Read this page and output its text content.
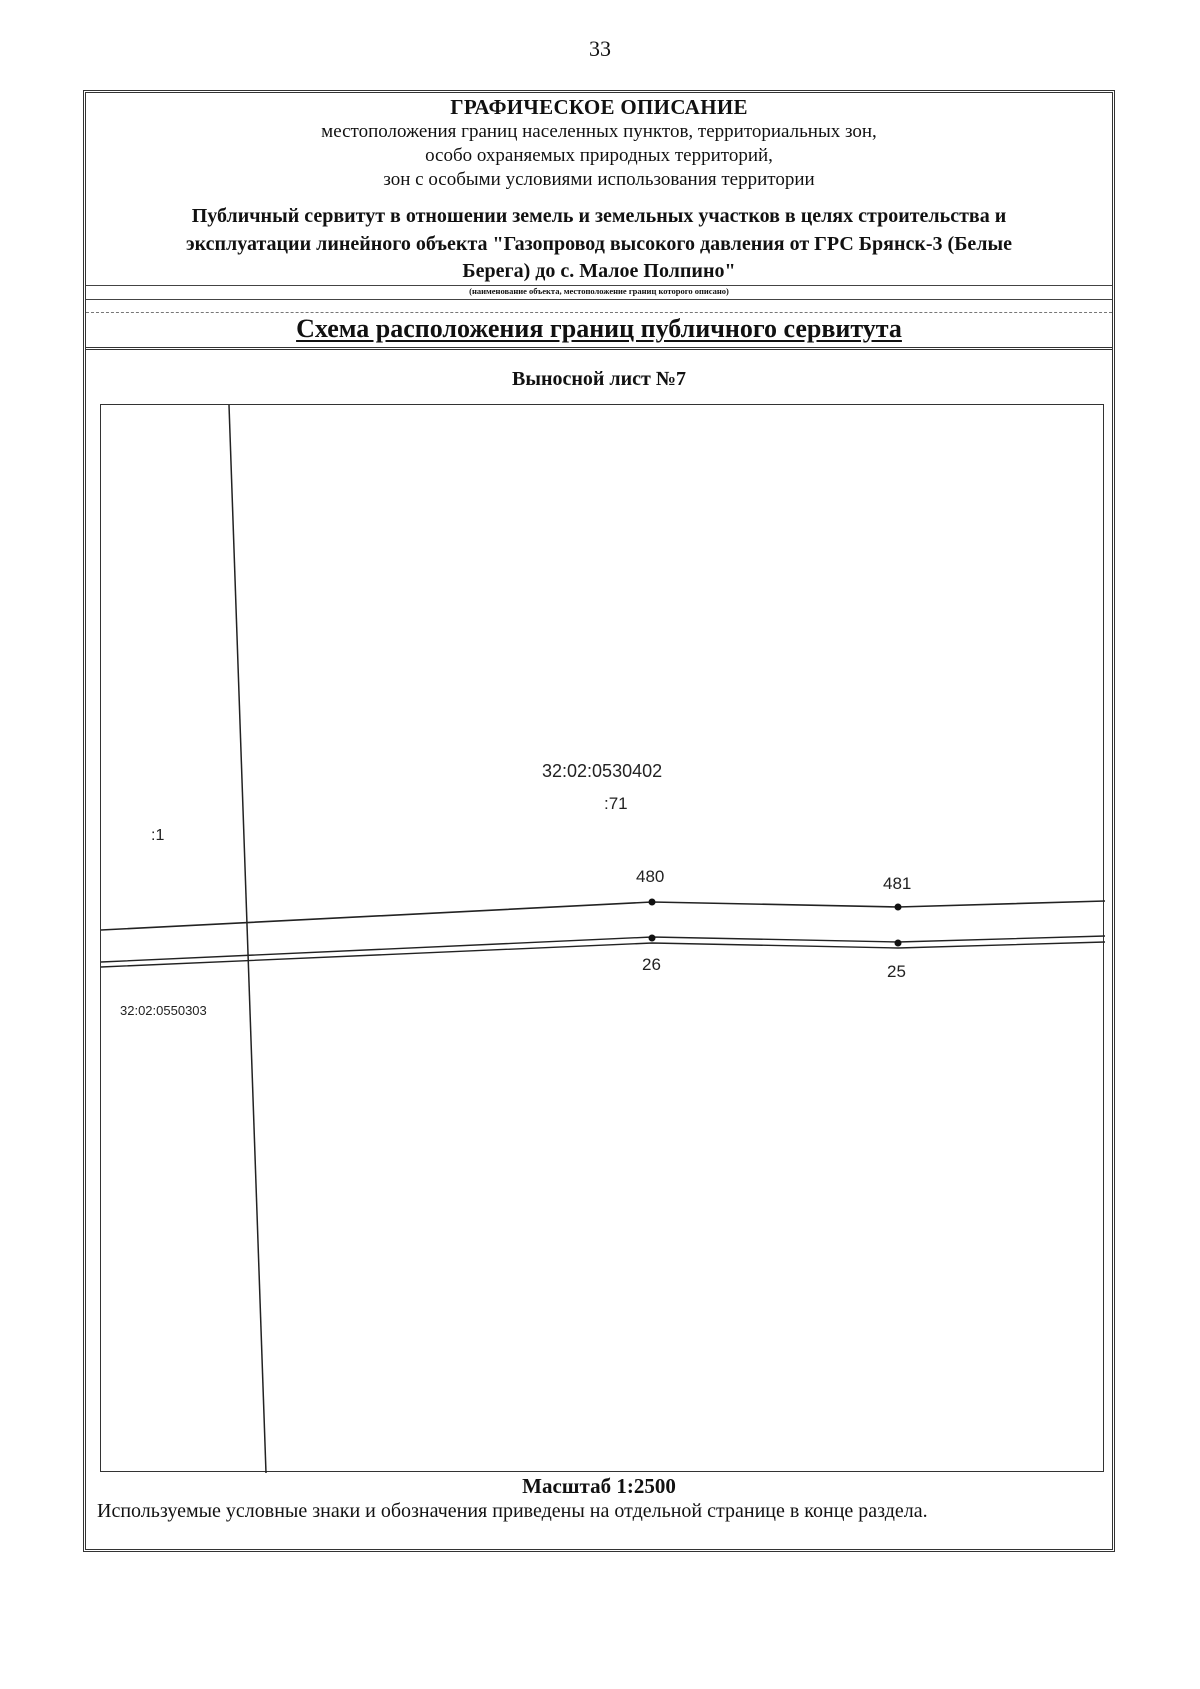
33
ГРАФИЧЕСКОЕ ОПИСАНИЕ
местоположения границ населенных пунктов, территориальных зон,
особо охраняемых природных территорий,
зон с особыми условиями использования территории
Публичный сервитут в отношении земель и земельных участков в целях строительства и
эксплуатации линейного объекта "Газопровод высокого давления от ГРС Брянск-3 (Белые
Берега) до с. Малое Полпино"
(наименование объекта, местоположение границ которого описано)
Схема расположения границ публичного сервитута
Выносной лист №7
32:02:0530402
:71
:1
480	481
26	25
32:02:0550303
Масштаб 1:2500
Используемые условные знаки и обозначения приведены на отдельной странице в конце раздела.
